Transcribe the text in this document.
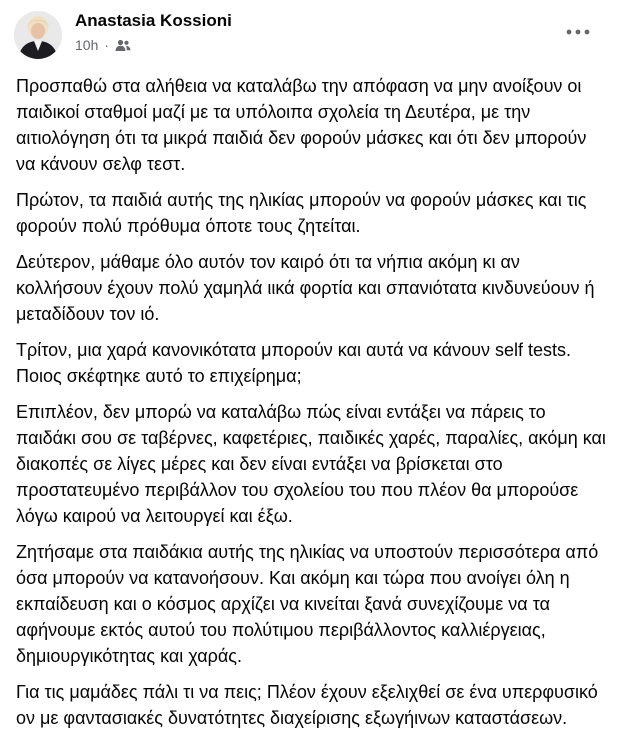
Anastasia Kossioni
10h ·

Προσπαθώ στα αλήθεια να καταλάβω την απόφαση να μην ανοίξουν οι παιδικοί σταθμοί μαζί με τα υπόλοιπα σχολεία τη Δευτέρα, με την αιτιολόγηση ότι τα μικρά παιδιά δεν φορούν μάσκες και ότι δεν μπορούν να κάνουν σελφ τεστ.

Πρώτον, τα παιδιά αυτής της ηλικίας μπορούν να φορούν μάσκες και τις φορούν πολύ πρόθυμα όποτε τους ζητείται.

Δεύτερον, μάθαμε όλο αυτόν τον καιρό ότι τα νήπια ακόμη κι αν κολλήσουν έχουν πολύ χαμηλά ιικά φορτία και σπανιότατα κινδυνεύουν ή μεταδίδουν τον ιό.

Τρίτον, μια χαρά κανονικότατα μπορούν και αυτά να κάνουν self tests. Ποιος σκέφτηκε αυτό το επιχείρημα;

Επιπλέον, δεν μπορώ να καταλάβω πώς είναι εντάξει να πάρεις το παιδάκι σου σε ταβέρνες, καφετέριες, παιδικές χαρές, παραλίες, ακόμη και διακοπές σε λίγες μέρες και δεν είναι εντάξει να βρίσκεται στο προστατευμένο περιβάλλον του σχολείου του που πλέον θα μπορούσε λόγω καιρού να λειτουργεί και έξω.

Ζητήσαμε στα παιδάκια αυτής της ηλικίας να υποστούν περισσότερα από όσα μπορούν να κατανοήσουν. Και ακόμη και τώρα που ανοίγει όλη η εκπαίδευση και ο κόσμος αρχίζει να κινείται ξανά συνεχίζουμε να τα αφήνουμε εκτός αυτού του πολύτιμου περιβάλλοντος καλλιέργειας, δημιουργικότητας και χαράς.

Για τις μαμάδες πάλι τι να πεις; Πλέον έχουν εξελιχθεί σε ένα υπερφυσικό ον με φαντασιακές δυνατότητες διαχείρισης εξωγήινων καταστάσεων.
